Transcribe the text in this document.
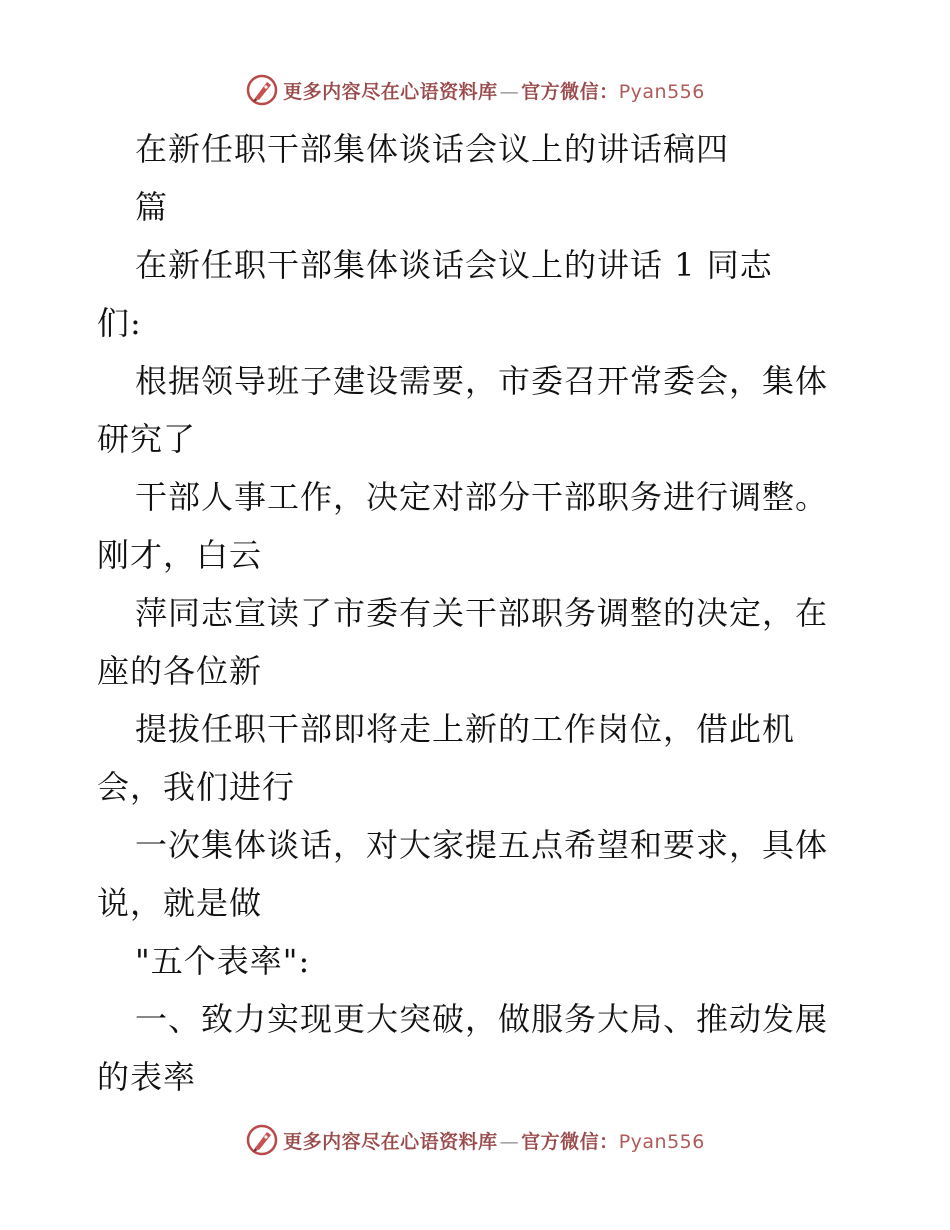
更多内容尽在心语资料库 — 官方微信：Pyan556
在新任职干部集体谈话会议上的讲话稿四
篇
在新任职干部集体谈话会议上的讲话 1 同志
们:
根据领导班子建设需要，市委召开常委会，集体
研究了
干部人事工作，决定对部分干部职务进行调整。
刚才，白云
萍同志宣读了市委有关干部职务调整的决定，在
座的各位新
提拔任职干部即将走上新的工作岗位，借此机
会，我们进行
一次集体谈话，对大家提五点希望和要求，具体
说，就是做
"五个表率":
一、致力实现更大突破，做服务大局、推动发展
的表率
更多内容尽在心语资料库 — 官方微信：Pyan556
